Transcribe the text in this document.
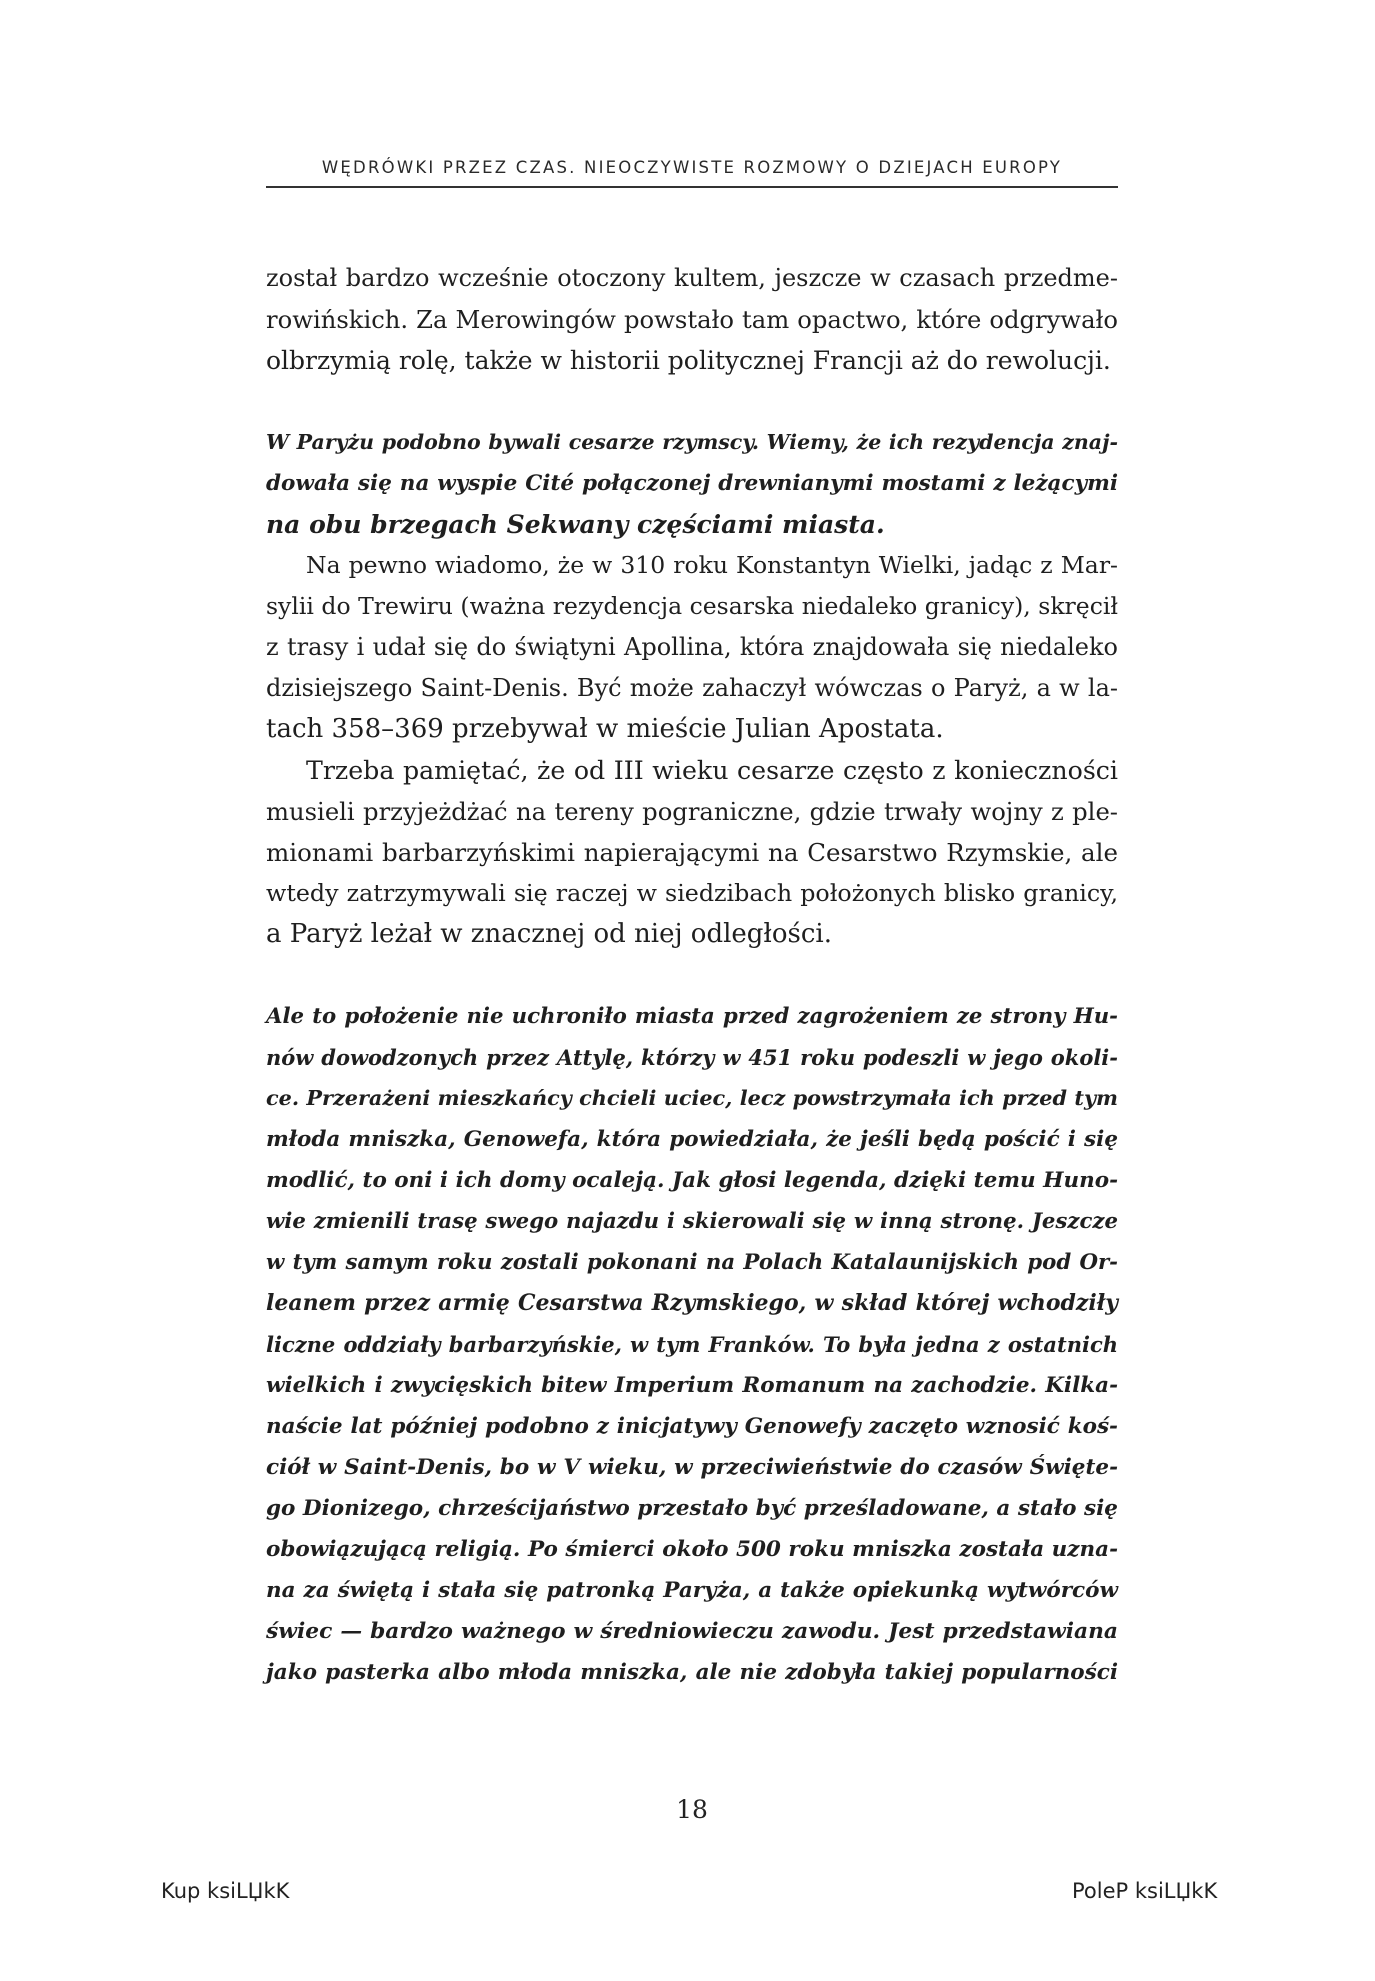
WĘDRÓWKI PRZEZ CZAS. NIEOCZYWISTE ROZMOWY O DZIEJACH EUROPY
został bardzo wcześnie otoczony kultem, jeszcze w czasach przedme-
rowińskich. Za Merowingów powstało tam opactwo, które odgrywało
olbrzymią rolę, także w historii politycznej Francji aż do rewolucji.
W Paryżu podobno bywali cesarze rzymscy. Wiemy, że ich rezydencja znaj-
dowała się na wyspie Cité połączonej drewnianymi mostami z leżącymi
na obu brzegach Sekwany częściami miasta.
Na pewno wiadomo, że w 310 roku Konstantyn Wielki, jadąc z Mar-
sylii do Trewiru (ważna rezydencja cesarska niedaleko granicy), skręcił
z trasy i udał się do świątyni Apollina, która znajdowała się niedaleko
dzisiejszego Saint-Denis. Być może zahaczył wówczas o Paryż, a w la-
tach 358–369 przebywał w mieście Julian Apostata.
Trzeba pamiętać, że od III wieku cesarze często z konieczności
musieli przyjeżdżać na tereny pograniczne, gdzie trwały wojny z ple-
mionami barbarzyńskimi napierającymi na Cesarstwo Rzymskie, ale
wtedy zatrzymywali się raczej w siedzibach położonych blisko granicy,
a Paryż leżał w znacznej od niej odległości.
Ale to położenie nie uchroniło miasta przed zagrożeniem ze strony Hu-
nów dowodzonych przez Attylę, którzy w 451 roku podeszli w jego okoli-
ce. Przerażeni mieszkańcy chcieli uciec, lecz powstrzymała ich przed tym
młoda mniszka, Genowefa, która powiedziała, że jeśli będą pościć i się
modlić, to oni i ich domy ocaleją. Jak głosi legenda, dzięki temu Huno-
wie zmienili trasę swego najazdu i skierowali się w inną stronę. Jeszcze
w tym samym roku zostali pokonani na Polach Katalaunijskich pod Or-
leanem przez armię Cesarstwa Rzymskiego, w skład której wchodziły
liczne oddziały barbarzyńskie, w tym Franków. To była jedna z ostatnich
wielkich i zwycięskich bitew Imperium Romanum na zachodzie. Kilka-
naście lat później podobno z inicjatywy Genowefy zaczęto wznosić koś-
ciół w Saint-Denis, bo w V wieku, w przeciwieństwie do czasów Święte-
go Dionizego, chrześcijaństwo przestało być prześladowane, a stało się
obowiązującą religią. Po śmierci około 500 roku mniszka została uzna-
na za świętą i stała się patronką Paryża, a także opiekunką wytwórców
świec — bardzo ważnego w średniowieczu zawodu. Jest przedstawiana
jako pasterka albo młoda mniszka, ale nie zdobyła takiej popularności
18
Kup ksiLЏkK	PoleP ksiLЏkK
